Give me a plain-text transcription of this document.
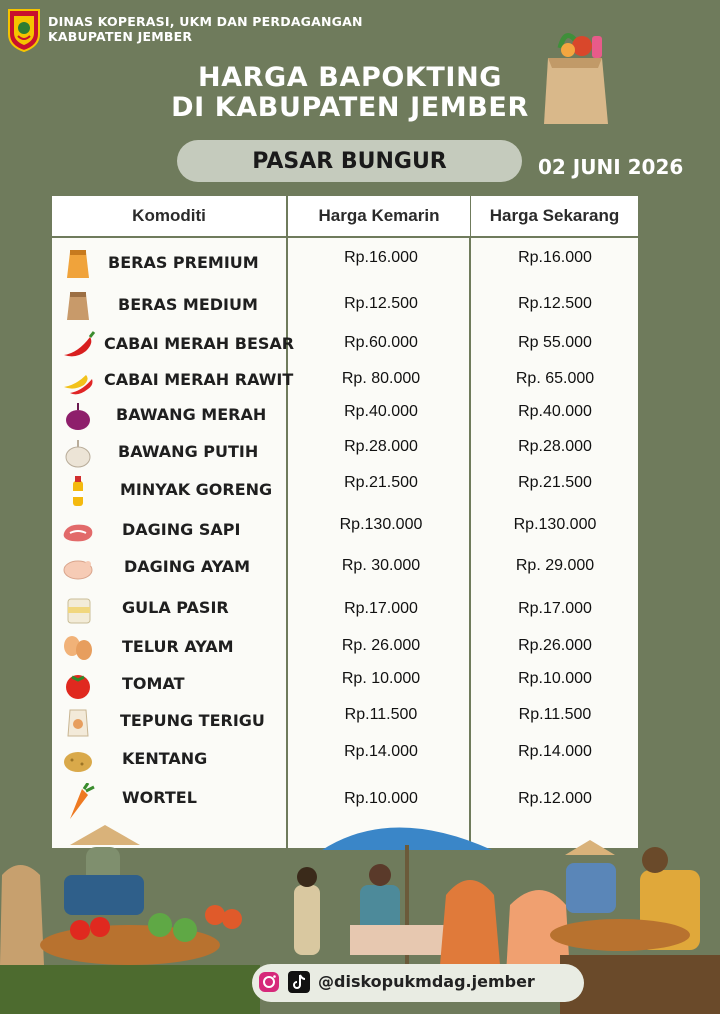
DINAS KOPERASI, UKM DAN PERDAGANGAN
KABUPATEN JEMBER
HARGA BAPOKTING
DI KABUPATEN JEMBER
PASAR BUNGUR	02 JUNI 2026
Komoditi	Harga Kemarin	Harga Sekarang
BERAS PREMIUM	Rp.16.000	Rp.16.000
BERAS MEDIUM	Rp.12.500	Rp.12.500
CABAI MERAH BESAR	Rp.60.000	Rp 55.000
CABAI MERAH RAWIT	Rp. 80.000	Rp. 65.000
BAWANG MERAH	Rp.40.000	Rp.40.000
BAWANG PUTIH	Rp.28.000	Rp.28.000
MINYAK GORENG	Rp.21.500	Rp.21.500
DAGING SAPI	Rp.130.000	Rp.130.000
DAGING AYAM	Rp. 30.000	Rp. 29.000
GULA PASIR	Rp.17.000	Rp.17.000
TELUR AYAM	Rp. 26.000	Rp.26.000
TOMAT	Rp. 10.000	Rp.10.000
TEPUNG TERIGU	Rp.11.500	Rp.11.500
KENTANG	Rp.14.000	Rp.14.000
WORTEL	Rp.10.000	Rp.12.000
@diskopukmdag.jember
